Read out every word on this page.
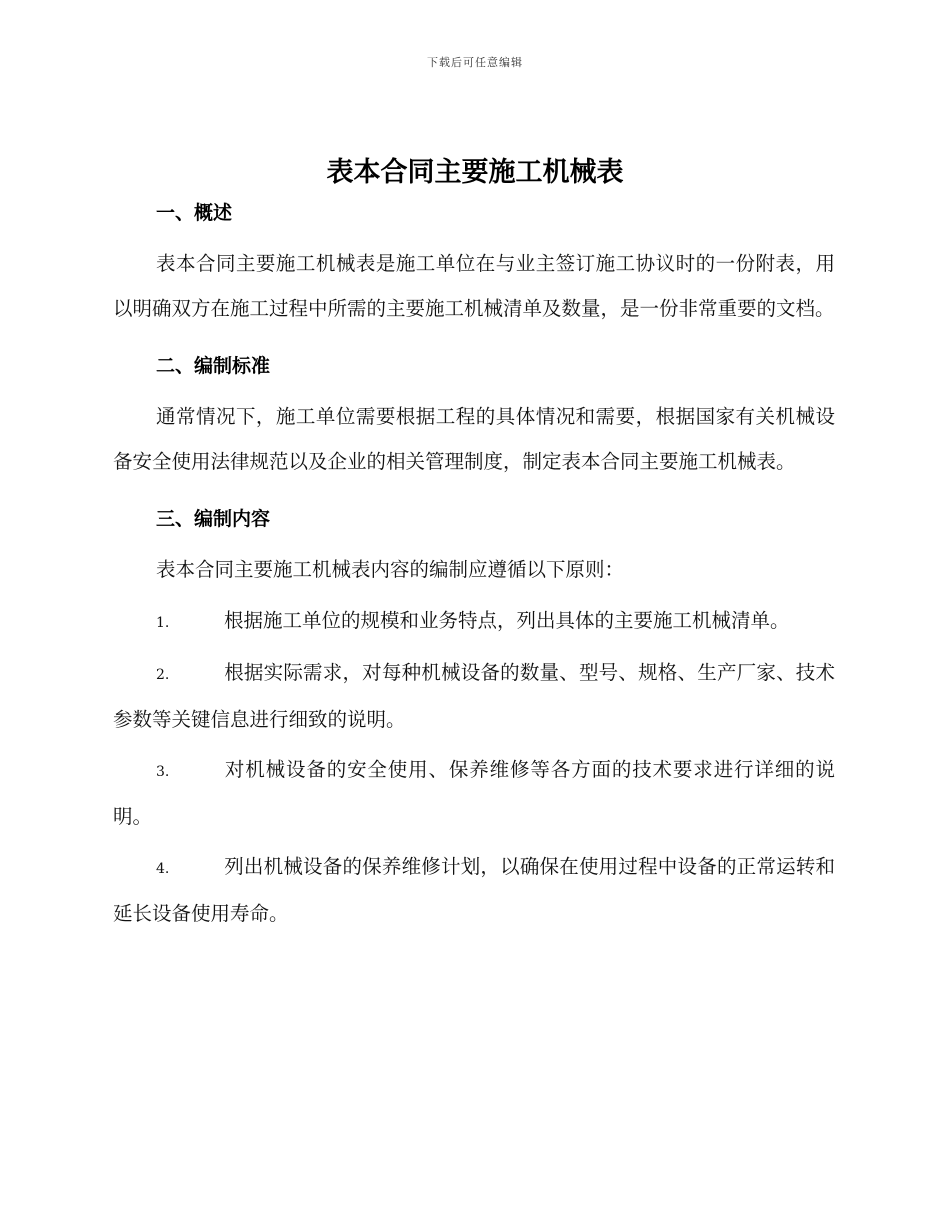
下载后可任意编辑
表本合同主要施工机械表
一、概述

表本合同主要施工机械表是施工单位在与业主签订施工协议时的一份附表，用以明确双方在施工过程中所需的主要施工机械清单及数量，是一份非常重要的文档。

二、编制标准

通常情况下，施工单位需要根据工程的具体情况和需要，根据国家有关机械设备安全使用法律规范以及企业的相关管理制度，制定表本合同主要施工机械表。

三、编制内容

表本合同主要施工机械表内容的编制应遵循以下原则：

1.	根据施工单位的规模和业务特点，列出具体的主要施工机械清单。

2.	根据实际需求，对每种机械设备的数量、型号、规格、生产厂家、技术参数等关键信息进行细致的说明。

3.	对机械设备的安全使用、保养维修等各方面的技术要求进行详细的说明。

4.	列出机械设备的保养维修计划，以确保在使用过程中设备的正常运转和延长设备使用寿命。
